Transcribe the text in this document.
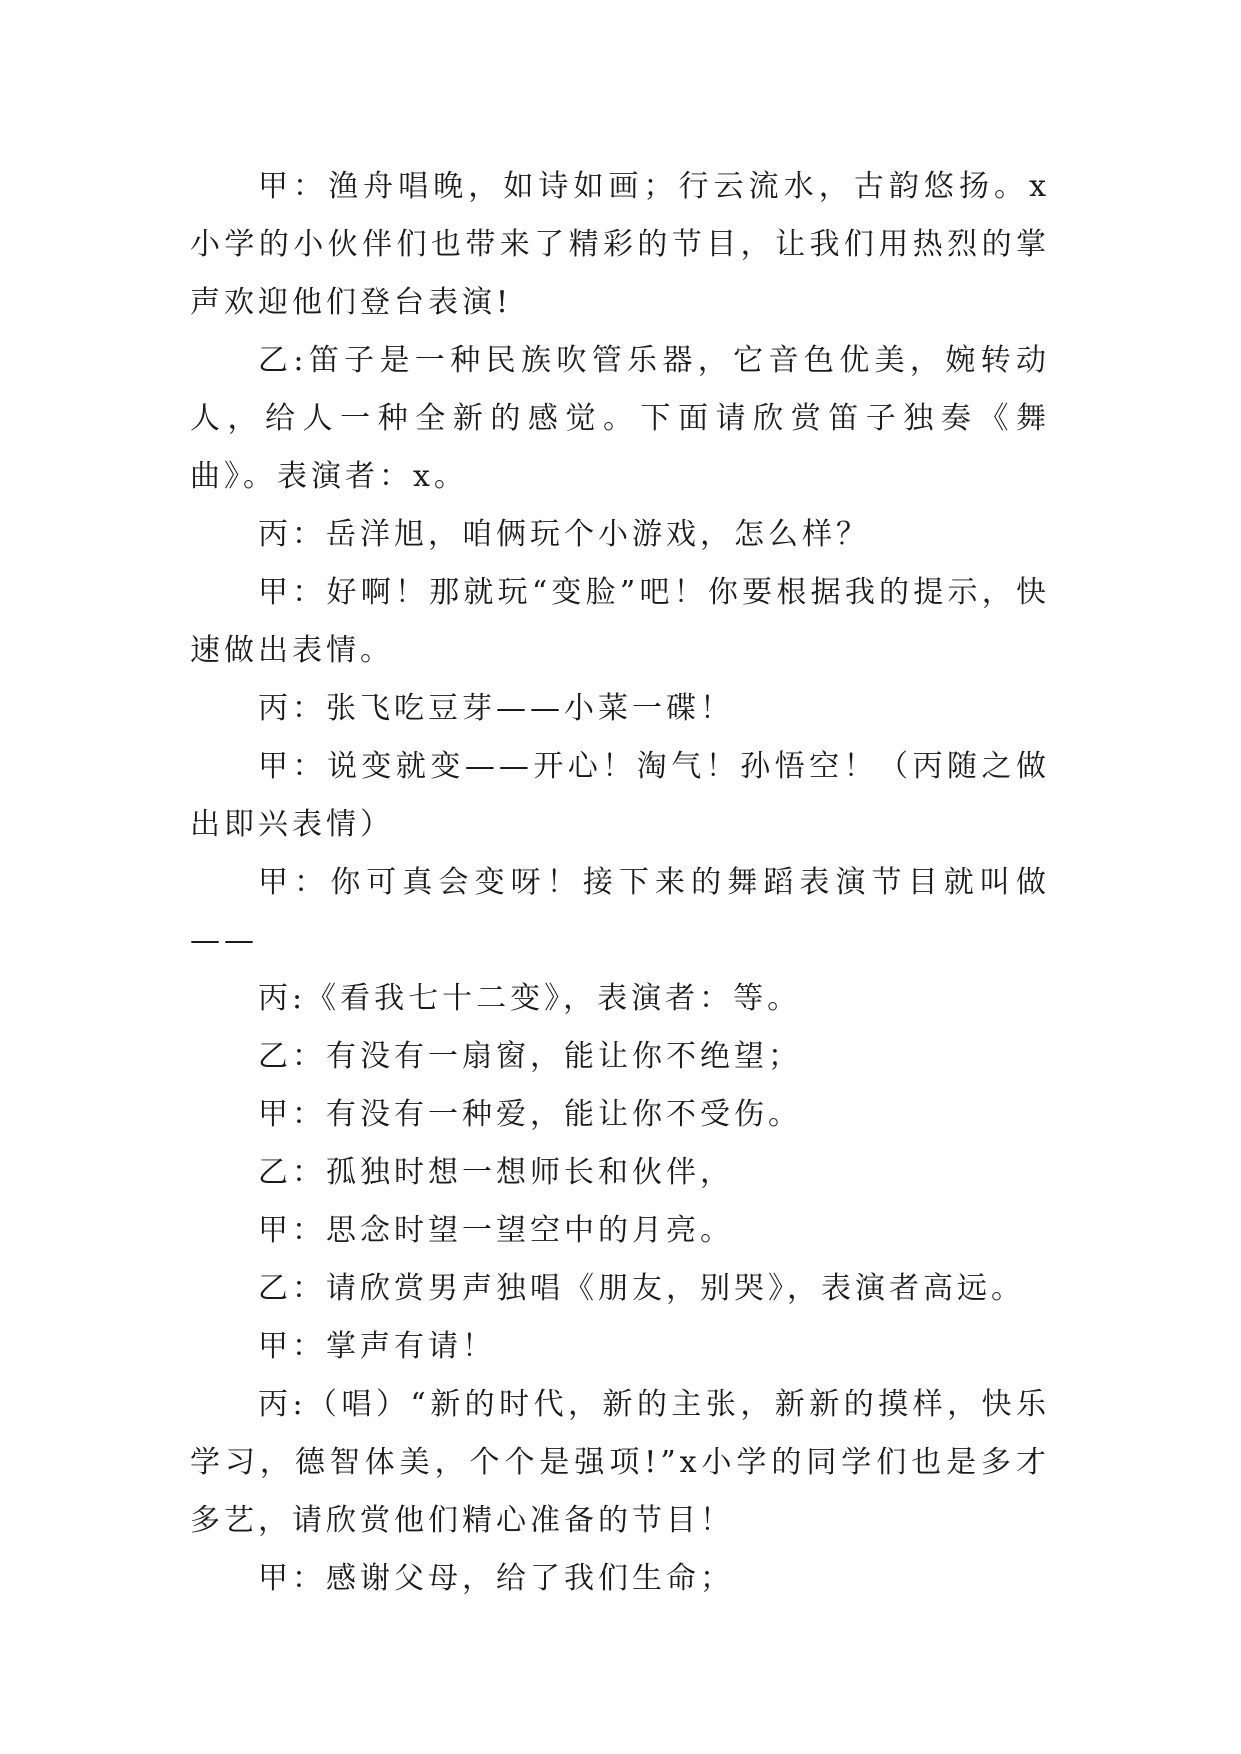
甲：渔舟唱晚，如诗如画；行云流水，古韵悠扬。x小学的小伙伴们也带来了精彩的节目，让我们用热烈的掌声欢迎他们登台表演!

乙:笛子是一种民族吹管乐器，它音色优美，婉转动人，给人一种全新的感觉。下面请欣赏笛子独奏《舞曲》。表演者：x。

丙：岳洋旭，咱俩玩个小游戏，怎么样？

甲：好啊！那就玩“变脸”吧！你要根据我的提示，快速做出表情。

丙：张飞吃豆芽——小菜一碟！

甲：说变就变——开心！淘气！孙悟空！（丙随之做出即兴表情）

甲：你可真会变呀！接下来的舞蹈表演节目就叫做——

丙:《看我七十二变》，表演者：等。

乙：有没有一扇窗，能让你不绝望；

甲：有没有一种爱，能让你不受伤。

乙：孤独时想一想师长和伙伴，

甲：思念时望一望空中的月亮。

乙：请欣赏男声独唱《朋友，别哭》，表演者高远。

甲：掌声有请！

丙:（唱）“新的时代，新的主张，新新的摸样，快乐学习，德智体美，个个是强项!”x小学的同学们也是多才多艺，请欣赏他们精心准备的节目！

甲：感谢父母，给了我们生命；
